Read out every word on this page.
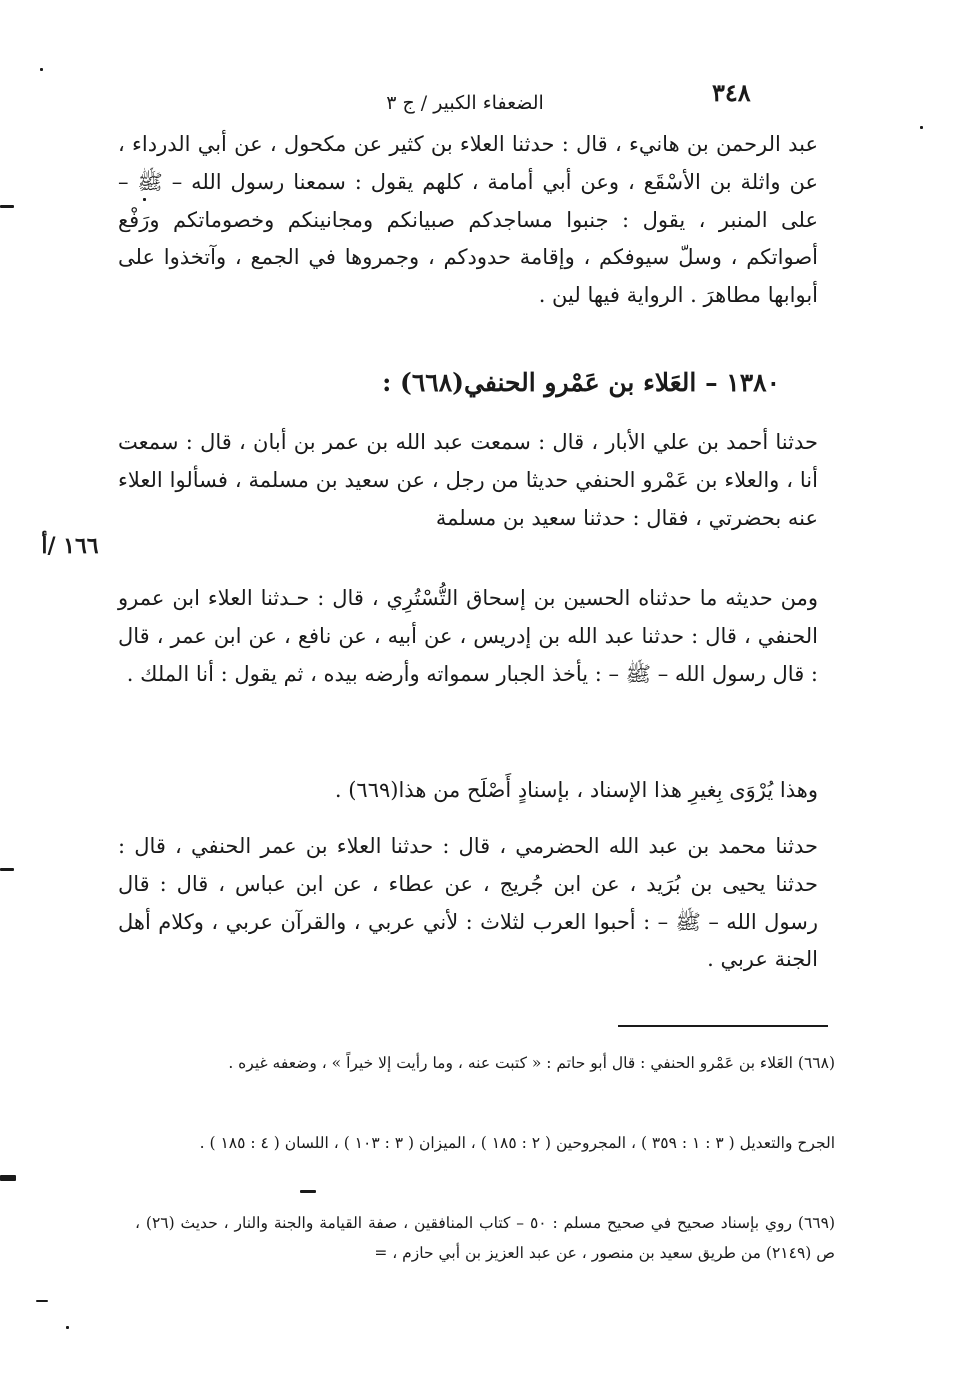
٣٤٨
الضعفاء الكبير / ج ٣
عبد الرحمن بن هانيء ، قال : حدثنا العلاء بن كثير عن مكحول ، عن أبي الدرداء ، عن واثلة بن الأسْقَع ، وعن أبي أمامة ، كلهم يقول : سمعنا رسول الله – ﷺ – على المنبر ، يقول : جنبوا مساجدكم صبيانكم ومجانينكم وخصوماتكم ورَفْع أصواتكم ، وسلّ سيوفكم ، وإقامة حدودكم ، وجمروها في الجمع ، وآتخذوا على أبوابها مطاهرَ . الرواية فيها لين .
١٣٨٠ – العَلاء بن عَمْرو الحنفي(٦٦٨) :
حدثنا أحمد بن علي الأبار ، قال : سمعت عبد الله بن عمر بن أبان ، قال : سمعت أنا ، والعلاء بن عَمْرو الحنفي حديثا من رجل ، عن سعيد بن مسلمة ، فسألوا العلاء عنه بحضرتي ، فقال : حدثنا سعيد بن مسلمة
١٦٦ /أ
ومن حديثه ما حدثناه الحسين بن إسحاق التُّسْتُرِي ، قال : حـدثنا العلاء ابن عمرو الحنفي ، قال : حدثنا عبد الله بن إدريس ، عن أبيه ، عن نافع ، عن ابن عمر ، قال : قال رسول الله – ﷺ – : يأخذ الجبار سمواته وأرضه بيده ، ثم يقول : أنا الملك .
وهذا يُرْوَى بِغيرِ هذا الإسناد ، بإسنادٍ أَصْلَح من هذا(٦٦٩) .
حدثنا محمد بن عبد الله الحضرمي ، قال : حدثنا العلاء بن عمر الحنفي ، قال : حدثنا يحيى بن بُرَيد ، عن ابن جُريج ، عن عطاء ، عن ابن عباس ، قال : قال رسول الله – ﷺ – : أحبوا العرب لثلاث : لأني عربي ، والقرآن عربي ، وكلام أهل الجنة عربي .
(٦٦٨) العَلاء بن عَمْرو الحنفي : قال أبو حاتم : « كتبت عنه ، وما رأيت إلا خيراً » ، وضعفه غيره .
الجرح والتعديل ( ٣ : ١ : ٣٥٩ ) ، المجروحين ( ٢ : ١٨٥ ) ، الميزان ( ٣ : ١٠٣ ) ، اللسان ( ٤ : ١٨٥ ) .
(٦٦٩) روي بإسناد صحيح في صحيح مسلم : ٥٠ – كتاب المنافقين ، صفة القيامة والجنة والنار ، حديث (٢٦) ، ص (٢١٤٩) من طريق سعيد بن منصور ، عن عبد العزيز بن أبي حازم ، =
